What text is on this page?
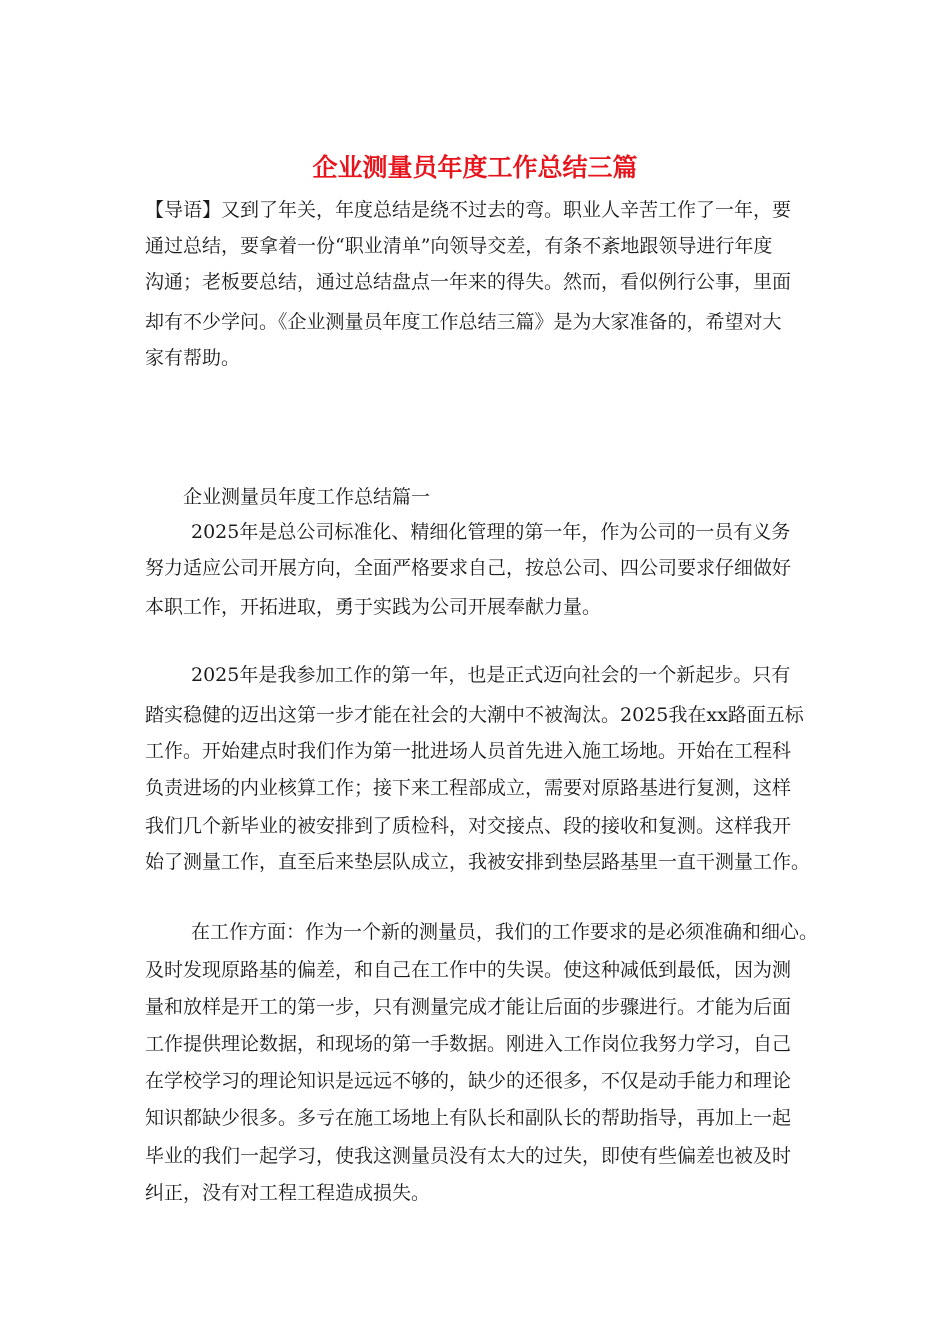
企业测量员年度工作总结三篇

【导语】又到了年关，年度总结是绕不过去的弯。职业人辛苦工作了一年，要

通过总结，要拿着一份“职业清单”向领导交差，有条不紊地跟领导进行年度

沟通；老板要总结，通过总结盘点一年来的得失。然而，看似例行公事，里面

却有不少学问。《企业测量员年度工作总结三篇》是为大家准备的，希望对大

家有帮助。

企业测量员年度工作总结篇一

2025年是总公司标准化、精细化管理的第一年，作为公司的一员有义务

努力适应公司开展方向，全面严格要求自己，按总公司、四公司要求仔细做好

本职工作，开拓进取，勇于实践为公司开展奉献力量。

2025年是我参加工作的第一年，也是正式迈向社会的一个新起步。只有

踏实稳健的迈出这第一步才能在社会的大潮中不被淘汰。2025我在xx路面五标

工作。开始建点时我们作为第一批进场人员首先进入施工场地。开始在工程科

负责进场的内业核算工作；接下来工程部成立，需要对原路基进行复测，这样

我们几个新毕业的被安排到了质检科，对交接点、段的接收和复测。这样我开

始了测量工作，直至后来垫层队成立，我被安排到垫层路基里一直干测量工作。

在工作方面：作为一个新的测量员，我们的工作要求的是必须准确和细心。

及时发现原路基的偏差，和自己在工作中的失误。使这种减低到最低，因为测

量和放样是开工的第一步，只有测量完成才能让后面的步骤进行。才能为后面

工作提供理论数据，和现场的第一手数据。刚进入工作岗位我努力学习，自己

在学校学习的理论知识是远远不够的，缺少的还很多，不仅是动手能力和理论

知识都缺少很多。多亏在施工场地上有队长和副队长的帮助指导，再加上一起

毕业的我们一起学习，使我这测量员没有太大的过失，即使有些偏差也被及时

纠正，没有对工程工程造成损失。
